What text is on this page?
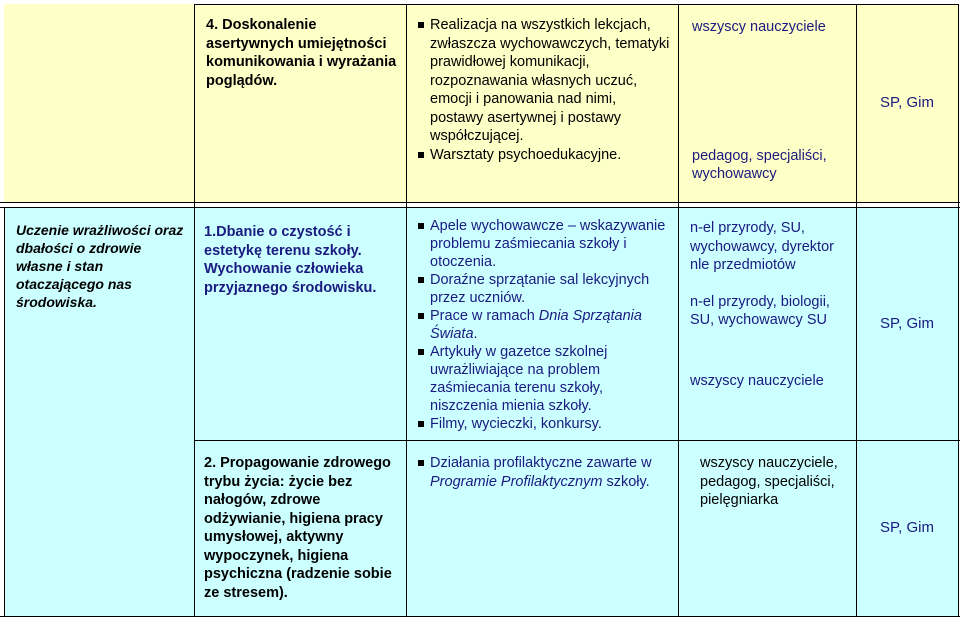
4. Doskonalenie asertywnych umiejętności komunikowania i wyrażania poglądów.

Realizacja na wszystkich lekcjach, zwłaszcza wychowawczych, tematyki prawidłowej komunikacji, rozpoznawania własnych uczuć, emocji i panowania nad nimi, postawy asertywnej i postawy współczującej.
Warsztaty psychoedukacyjne.

wszyscy nauczyciele

pedagog, specjaliści, wychowawcy

SP, Gim

Uczenie wrażliwości oraz dbałości o zdrowie własne i stan otaczającego nas środowiska.

1.Dbanie o czystość i estetykę terenu szkoły.

Wychowanie człowieka przyjaznego środowisku.

Apele wychowawcze – wskazywanie problemu zaśmiecania szkoły i otoczenia.
Doraźne sprzątanie sal lekcyjnych przez uczniów.
Prace w ramach Dnia Sprzątania Świata.
Artykuły w gazetce szkolnej uwrażliwiające na problem zaśmiecania terenu szkoły, niszczenia mienia szkoły.
Filmy, wycieczki, konkursy.

n-el przyrody, SU, wychowawcy, dyrektor nle przedmiotów

n-el przyrody, biologii, SU, wychowawcy SU

wszyscy nauczyciele

SP, Gim

2. Propagowanie zdrowego trybu życia: życie bez nałogów, zdrowe odżywianie, higiena pracy umysłowej, aktywny wypoczynek, higiena psychiczna (radzenie sobie ze stresem).

Działania profilaktyczne zawarte w Programie Profilaktycznym szkoły.

wszyscy nauczyciele, pedagog, specjaliści, pielęgniarka

SP, Gim
